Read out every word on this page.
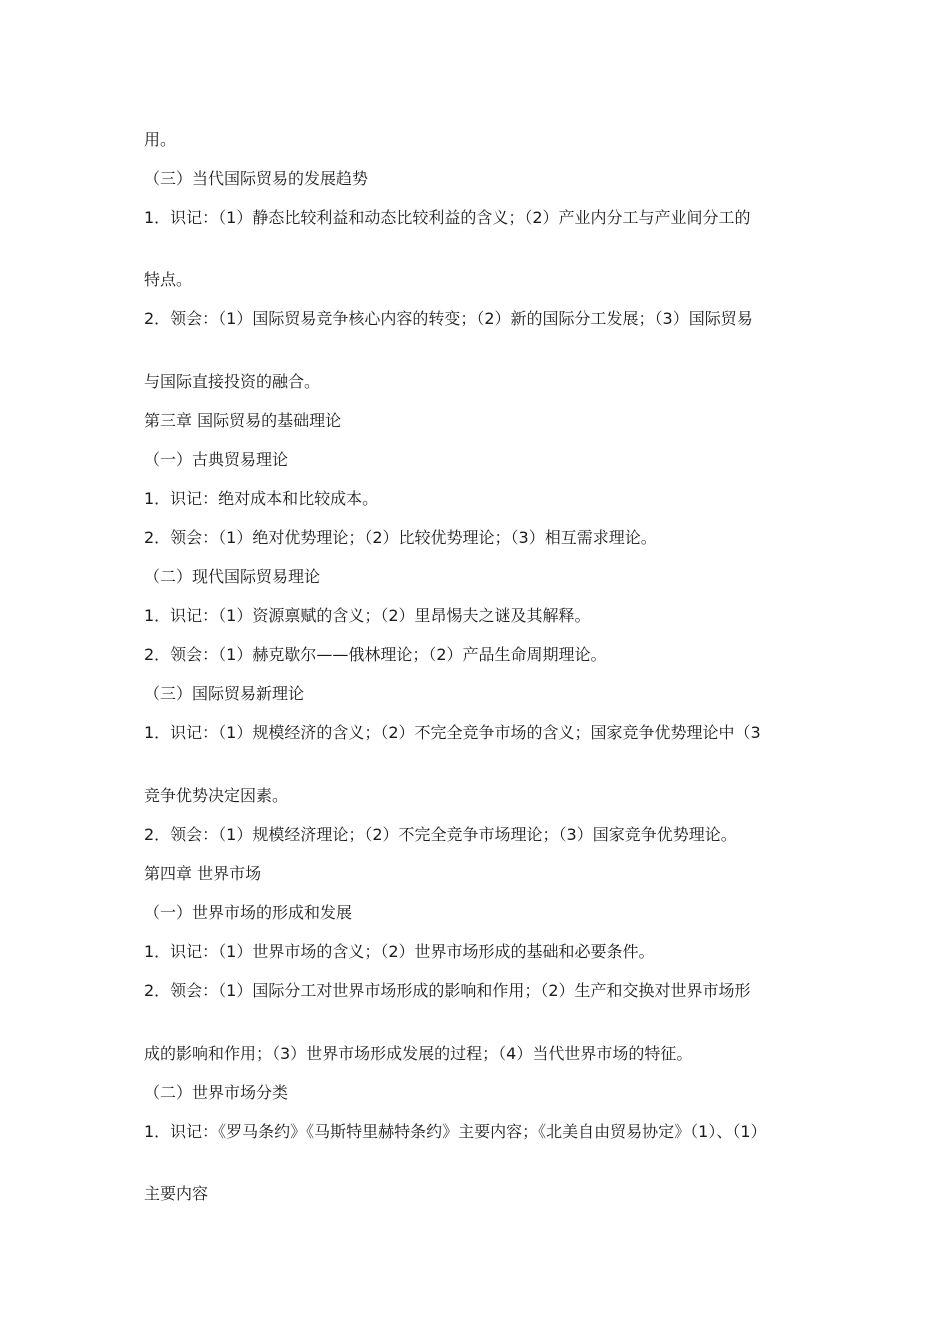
用。

（三）当代国际贸易的发展趋势

1．识记：（1）静态比较利益和动态比较利益的含义；（2）产业内分工与产业间分工的

特点。

2．领会：（1）国际贸易竞争核心内容的转变；（2）新的国际分工发展；（3）国际贸易

与国际直接投资的融合。

第三章 国际贸易的基础理论

（一）古典贸易理论

1．识记：绝对成本和比较成本。

2．领会：（1）绝对优势理论；（2）比较优势理论；（3）相互需求理论。

（二）现代国际贸易理论

1．识记：（1）资源禀赋的含义；（2）里昂惕夫之谜及其解释。

2．领会：（1）赫克歇尔——俄林理论；（2）产品生命周期理论。

（三）国际贸易新理论

1．识记：（1）规模经济的含义；（2）不完全竞争市场的含义；国家竞争优势理论中（3

竞争优势决定因素。

2．领会：（1）规模经济理论；（2）不完全竞争市场理论；（3）国家竞争优势理论。

第四章 世界市场

（一）世界市场的形成和发展

1．识记：（1）世界市场的含义；（2）世界市场形成的基础和必要条件。

2．领会：（1）国际分工对世界市场形成的影响和作用；（2）生产和交换对世界市场形

成的影响和作用；（3）世界市场形成发展的过程；（4）当代世界市场的特征。

（二）世界市场分类

1．识记：《罗马条约》《马斯特里赫特条约》主要内容；《北美自由贸易协定》（1）、（1）

主要内容
